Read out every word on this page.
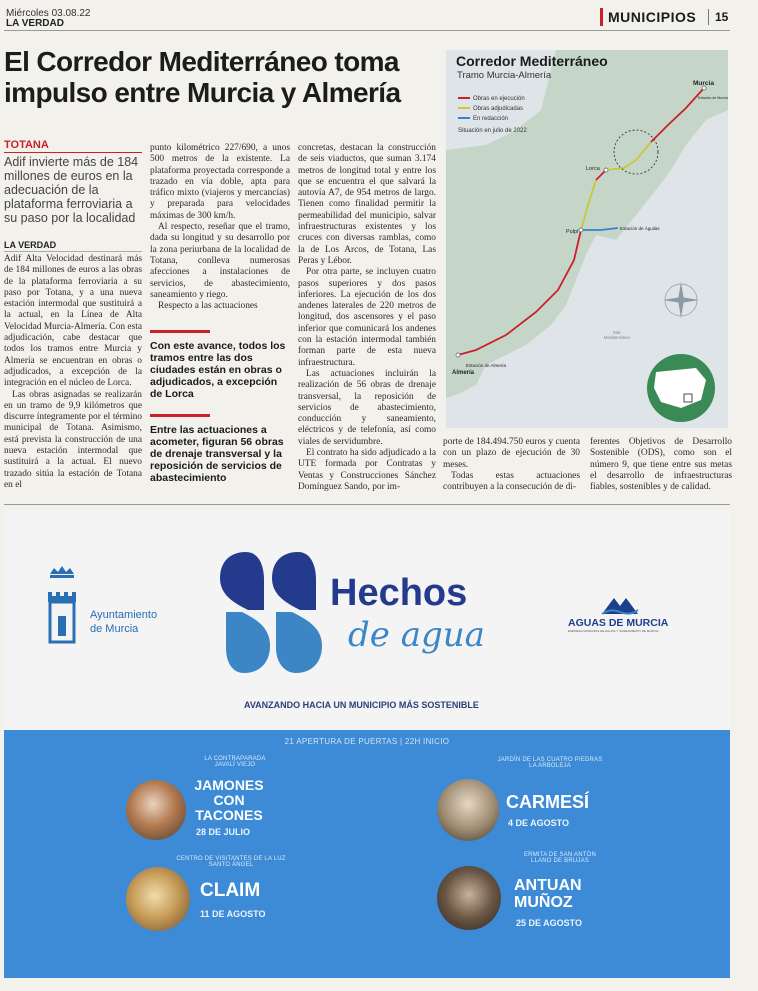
Miércoles 03.08.22
LA VERDAD	MUNICIPIOS 15
El Corredor Mediterráneo toma
impulso entre Murcia y Almería
TOTANA
Adif invierte más de 184 millones de euros en la adecuación de la plataforma ferroviaria a su paso por la localidad
LA VERDAD

Adif Alta Velocidad destinará más de 184 millones de euros a las obras de la plataforma ferroviaria a su paso por Totana, y a una nueva estación intermodal que sustituirá a la actual, en la Línea de Alta Velocidad Murcia-Almería. Con esta adjudicación, cabe destacar que todos los tramos entre Murcia y Almería se encuentran en obras o adjudicados, a excepción de la integración en el núcleo de Lorca.

Las obras asignadas se realizarán en un tramo de 9,9 kilómetros que discurre íntegramente por el término municipal de Totana. Asimismo, está prevista la construcción de una nueva estación intermodal que sustituirá a la actual. El nuevo trazado sitúa la estación de Totana en el

punto kilométrico 227/690, a unos 500 metros de la existente. La plataforma proyectada corresponde a trazado en vía doble, apta para tráfico mixto (viajeros y mercancías) y preparada para velocidades máximas de 300 km/h.

Al respecto, reseñar que el tramo, dada su longitud y su desarrollo por la zona periurbana de la localidad de Totana, conlleva numerosas afecciones a instalaciones de servicios, de abastecimiento, saneamiento y riego.

Respecto a las actuaciones

Con este avance, todos los tramos entre las dos ciudades están en obras o adjudicados, a excepción de Lorca
Entre las actuaciones a acometer, figuran 56 obras de drenaje transversal y la reposición de servicios de abastecimiento

concretas, destacan la construcción de seis viaductos, que suman 3.174 metros de longitud total y entre los que se encuentra el que salvará la autovía A7, de 954 metros de largo. Tienen como finalidad permitir la permeabilidad del municipio, salvar infraestructuras existentes y los cruces con diversas ramblas, como la de Los Arcos, de Totana, Las Peras y Lébor.

Por otra parte, se incluyen cuatro pasos superiores y dos pasos inferiores. La ejecución de los dos andenes laterales de 220 metros de longitud, dos ascensores y el paso inferior que comunicará los andenes con la estación intermodal también forman parte de esta nueva infraestructura.

Las actuaciones incluirán la realización de 56 obras de drenaje transversal, la reposición de servicios de abastecimiento, conducción y saneamiento, eléctricos y de telefonía, así como viales de servidumbre.

El contrato ha sido adjudicado a la UTE formada por Contratas y Ventas y Construcciones Sánchez Domínguez Sando, por im-

porte de 184.494.750 euros y cuenta con un plazo de ejecución de 30 meses.

Todas estas actuaciones contribuyen a la consecución de di-

ferentes Objetivos de Desarrollo Sostenible (ODS), como son el número 9, que tiene entre sus metas el desarrollo de infraestructuras fiables, sostenibles y de calidad.

Corredor Mediterráneo
Tramo Murcia-Almería
Obras en ejecución
Obras adjudicadas
En redacción
Situación en julio de 2022
Murcia
Estación de Murcia
Lorca
Pulpí
Estación de Águilas
Estación de Almería
Almería
Mar Mediterráneo
Ayuntamiento
de Murcia
Hechos
de agua	AGUAS DE MURCIA
EMPRESA MUNICIPAL DE AGUAS Y SANEAMIENTO DE MURCIA
AVANZANDO HACIA UN MUNICIPIO MÁS SOSTENIBLE
21 APERTURA DE PUERTAS | 22H INICIO
LA CONTRAPARADA
JAVALÍ VIEJO
JAMONES
CON
TACONES
28 DE JULIO
JARDÍN DE LAS CUATRO PIEDRAS
LA ARBOLEJA
CARMESÍ
4 DE AGOSTO
CENTRO DE VISITANTES DE LA LUZ
SANTO ÁNGEL
CLAIM
11 DE AGOSTO
ERMITA DE SAN ANTÓN
LLANO DE BRUJAS
ANTUAN
MUÑOZ
25 DE AGOSTO
